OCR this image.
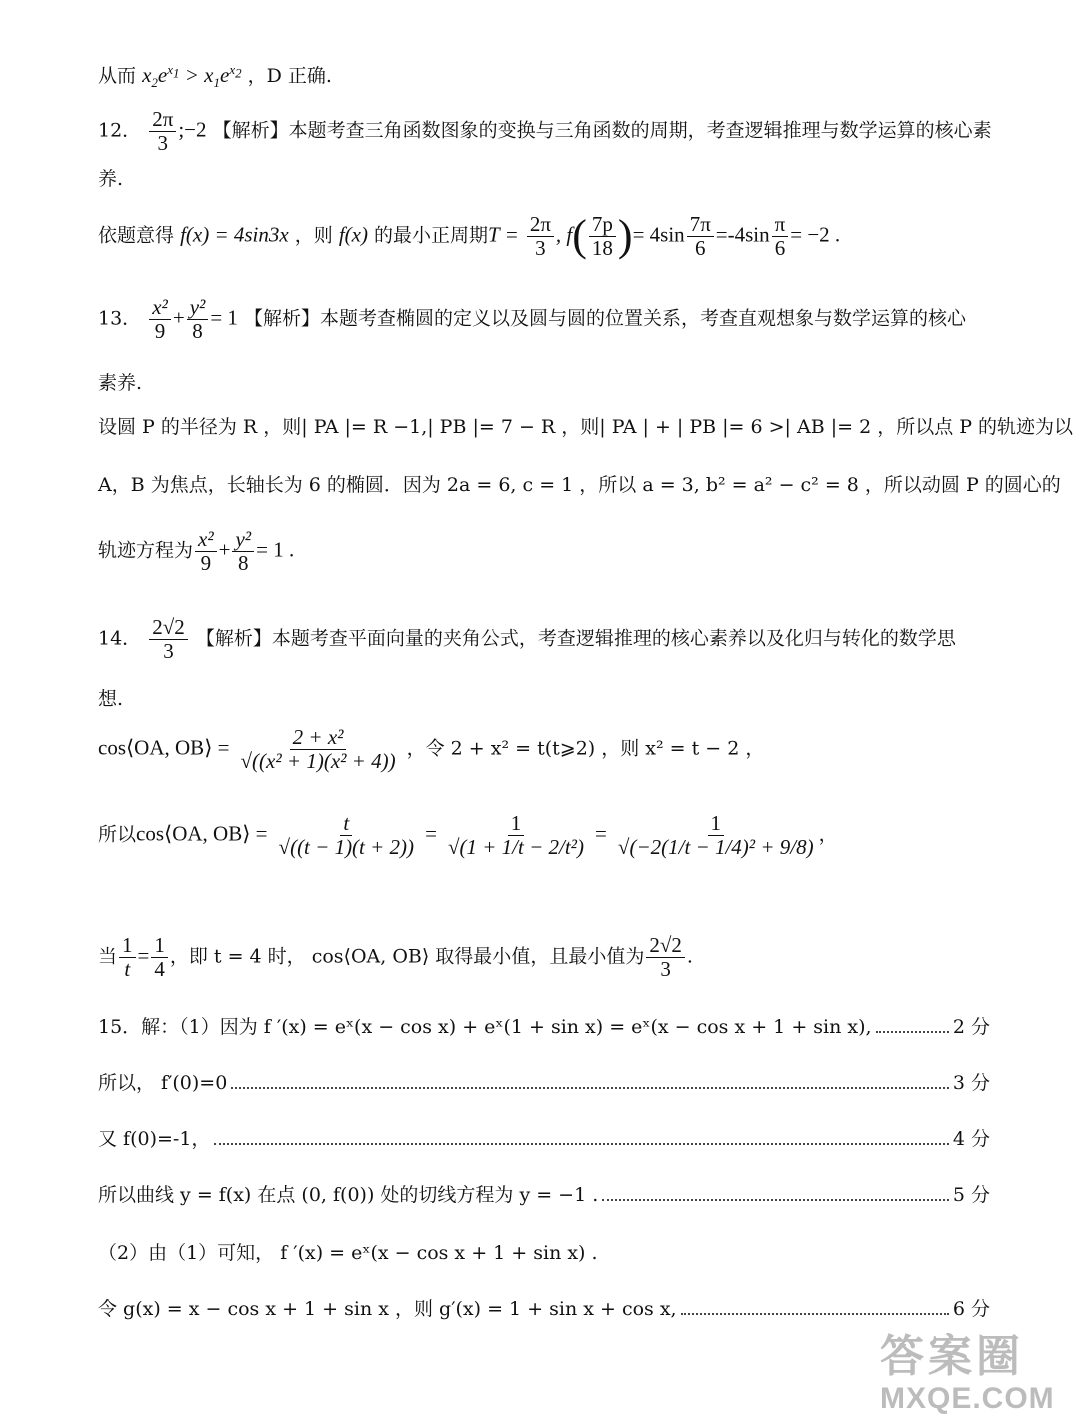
从而 $x_2e^{x_1} > x_1e^{x_2}$ ，D 正确.
12． $\frac{2\pi}{3}$ ;−2 【解析】本题考查三角函数图象的变换与三角函数的周期，考查逻辑推理与数学运算的核心素
养.
依题意得 f(x) = 4sin3x ，则 f(x) 的最小正周期$T = \frac{2\pi}{3}$ , $f( \frac{7p}{18}$ )= $4\sin \frac{7\pi}{6} =-4\sin \frac{\pi}{6} = -2$ .
13． $\frac{\text{x²}}{9} + \frac{\text{y²}}{8} = 1$ 【解析】本题考查椭圆的定义以及圆与圆的位置关系，考查直观想象与数学运算的核心
素养.
设圆 P 的半径为 R ，则| PA |= R −1,| PB |= 7 − R ，则| PA | + | PB |= 6 >| AB |= 2 ，所以点 P 的轨迹为以
A，B 为焦点，长轴长为 6 的椭圆．因为 2a = 6, c = 1 ，所以 a = 3, b² = a² − c² = 8 ，所以动圆 P 的圆心的
轨迹方程为 $\frac{\text{x²}}{9} + \frac{\text{y²}}{8} = 1$ .
14． $\frac{2√2}{3}$ 【解析】本题考查平面向量的夹角公式，考查逻辑推理的核心素养以及化归与转化的数学思
想.
cos⟨OA, OB⟩ = $\frac{\text{2 + x²}}{\text{√((x² + 1)(x² + 4))}}$ ，令 2 + x² = t(t⩾2) ，则 x² = t − 2 ，
所以cos⟨OA, OB⟩ = $\frac{t}{√((t - 1)(t + 2))} = \frac{1}{\text{√(1 + 1/t − 2/t²)}} = \frac{1}{\text{√(−2(1/t − 1/4)² + 9/8)}}$ ，
当 $\frac{1}{t} = \frac{1}{4}$ ，即 t = 4 时， cos⟨OA, OB⟩ 取得最小值，且最小值为 $\frac{2√2}{3}$ .
15．解：（1）因为 f ′(x) = eˣ(x − cos x) + eˣ(1 + sin x) = eˣ(x − cos x + 1 + sin x),	2 分
所以， f′(0)=0	3 分
又 f(0)=-1，	4 分
所以曲线 y = f(x) 在点 (0, f(0)) 处的切线方程为 y = −1 .	5 分
（2）由（1）可知， f ′(x) = eˣ(x − cos x + 1 + sin x) .
令 g(x) = x − cos x + 1 + sin x ，则 g′(x) = 1 + sin x + cos x,	6 分
答案圈
MXQE.COM
